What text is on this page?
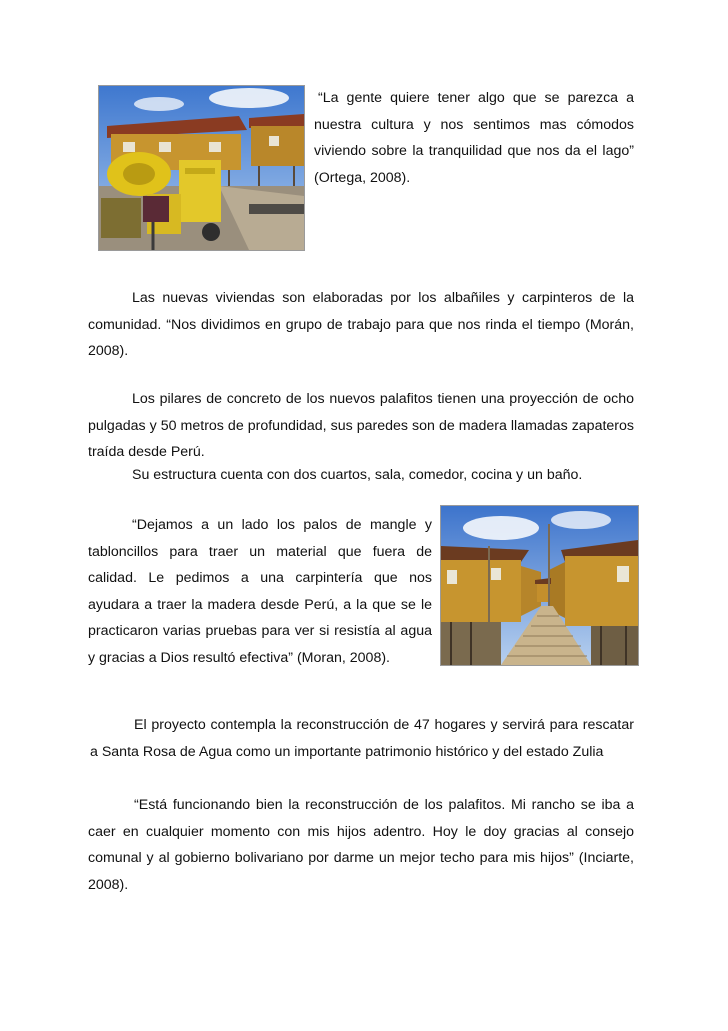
“La gente quiere tener algo que se parezca a nuestra cultura y nos sentimos mas cómodos viviendo sobre la tranquilidad que nos da el lago” (Ortega, 2008).

Las nuevas viviendas son elaboradas por los albañiles y carpinteros de la comunidad. “Nos dividimos en grupo de trabajo para que nos rinda el tiempo (Morán, 2008).

Los pilares de concreto de los nuevos palafitos tienen una proyección de ocho pulgadas y 50 metros de profundidad, sus paredes son de madera llamadas zapateros traída desde Perú.

Su estructura cuenta con dos cuartos, sala, comedor, cocina y un baño.

“Dejamos a un lado los palos de mangle y tabloncillos para traer un material que fuera de calidad. Le pedimos a una carpintería que nos ayudara a traer la madera desde Perú, a la que se le practicaron varias pruebas para ver si resistía al agua y gracias a Dios resultó efectiva” (Moran, 2008).

El proyecto contempla la reconstrucción de 47 hogares y servirá para rescatar a Santa Rosa de Agua como un importante patrimonio histórico y del estado Zulia

“Está funcionando bien la reconstrucción de los palafitos. Mi rancho se iba a caer en cualquier momento con mis hijos adentro. Hoy le doy gracias al consejo comunal y al gobierno bolivariano por darme un mejor techo para mis hijos” (Inciarte, 2008).
